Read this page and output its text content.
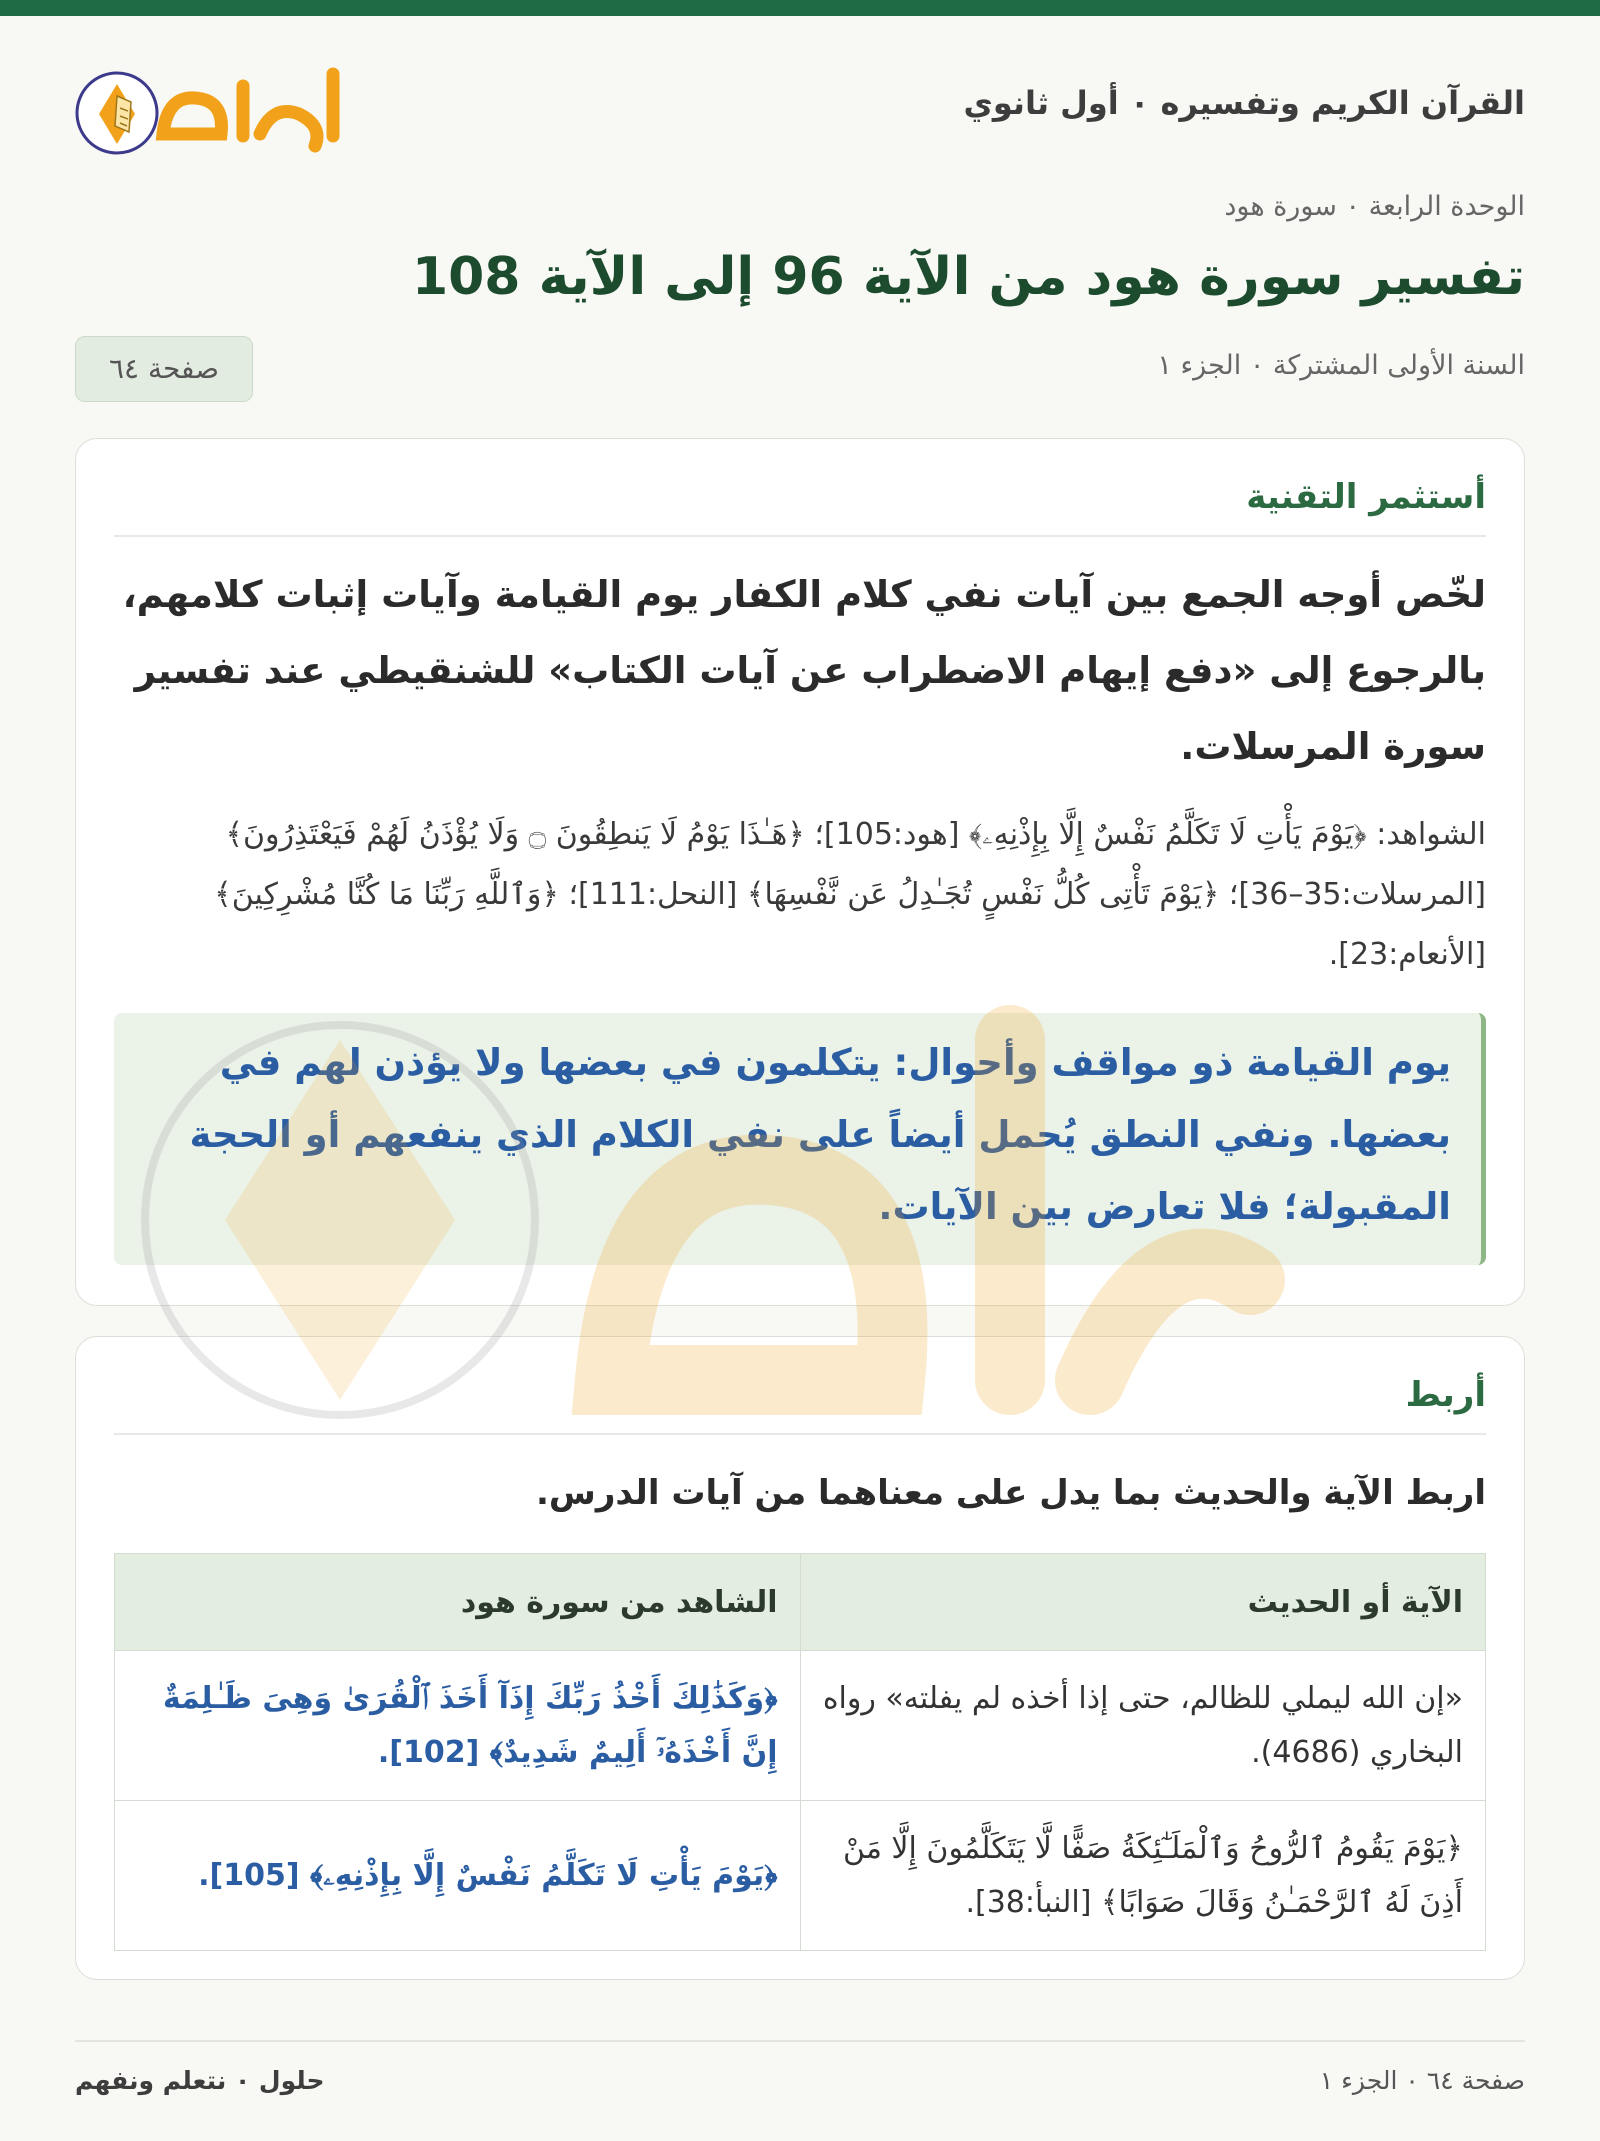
القرآن الكريم وتفسيره ٠ أول ثانوي
الوحدة الرابعة ٠ سورة هود
تفسير سورة هود من الآية 96 إلى الآية 108
السنة الأولى المشتركة ٠ الجزء ١
صفحة ٦٤
أستثمر التقنية
لخّص أوجه الجمع بين آيات نفي كلام الكفار يوم القيامة وآيات إثبات كلامهم، بالرجوع إلى «دفع إيهام الاضطراب عن آيات الكتاب» للشنقيطي عند تفسير سورة المرسلات.
الشواهد: ﴿يَوْمَ يَأْتِ لَا تَكَلَّمُ نَفْسٌ إِلَّا بِإِذْنِهِۦ﴾ [هود:105]؛ ﴿هَـٰذَا يَوْمُ لَا يَنطِقُونَ ۝ وَلَا يُؤْذَنُ لَهُمْ فَيَعْتَذِرُونَ﴾ [المرسلات:35–36]؛ ﴿يَوْمَ تَأْتِى كُلُّ نَفْسٍ تُجَـٰدِلُ عَن نَّفْسِهَا﴾ [النحل:111]؛ ﴿وَٱللَّهِ رَبِّنَا مَا كُنَّا مُشْرِكِينَ﴾ [الأنعام:23].
يوم القيامة ذو مواقف وأحوال: يتكلمون في بعضها ولا يؤذن لهم في بعضها. ونفي النطق يُحمل أيضاً على نفي الكلام الذي ينفعهم أو الحجة المقبولة؛ فلا تعارض بين الآيات.
أربط
اربط الآية والحديث بما يدل على معناهما من آيات الدرس.
الآية أو الحديث	الشاهد من سورة هود
«إن الله ليملي للظالم، حتى إذا أخذه لم يفلته» رواه البخاري (4686).	﴿وَكَذَٰلِكَ أَخْذُ رَبِّكَ إِذَآ أَخَذَ ٱلْقُرَىٰ وَهِىَ ظَـٰلِمَةٌ إِنَّ أَخْذَهُۥٓ أَلِيمٌ شَدِيدٌ﴾ [102].
﴿يَوْمَ يَقُومُ ٱلرُّوحُ وَٱلْمَلَـٰٓئِكَةُ صَفًّا لَّا يَتَكَلَّمُونَ إِلَّا مَنْ أَذِنَ لَهُ ٱلرَّحْمَـٰنُ وَقَالَ صَوَابًا﴾ [النبأ:38].	﴿يَوْمَ يَأْتِ لَا تَكَلَّمُ نَفْسٌ إِلَّا بِإِذْنِهِۦ﴾ [105].
صفحة ٦٤ ٠ الجزء ١
حلول ٠ نتعلم ونفهم
